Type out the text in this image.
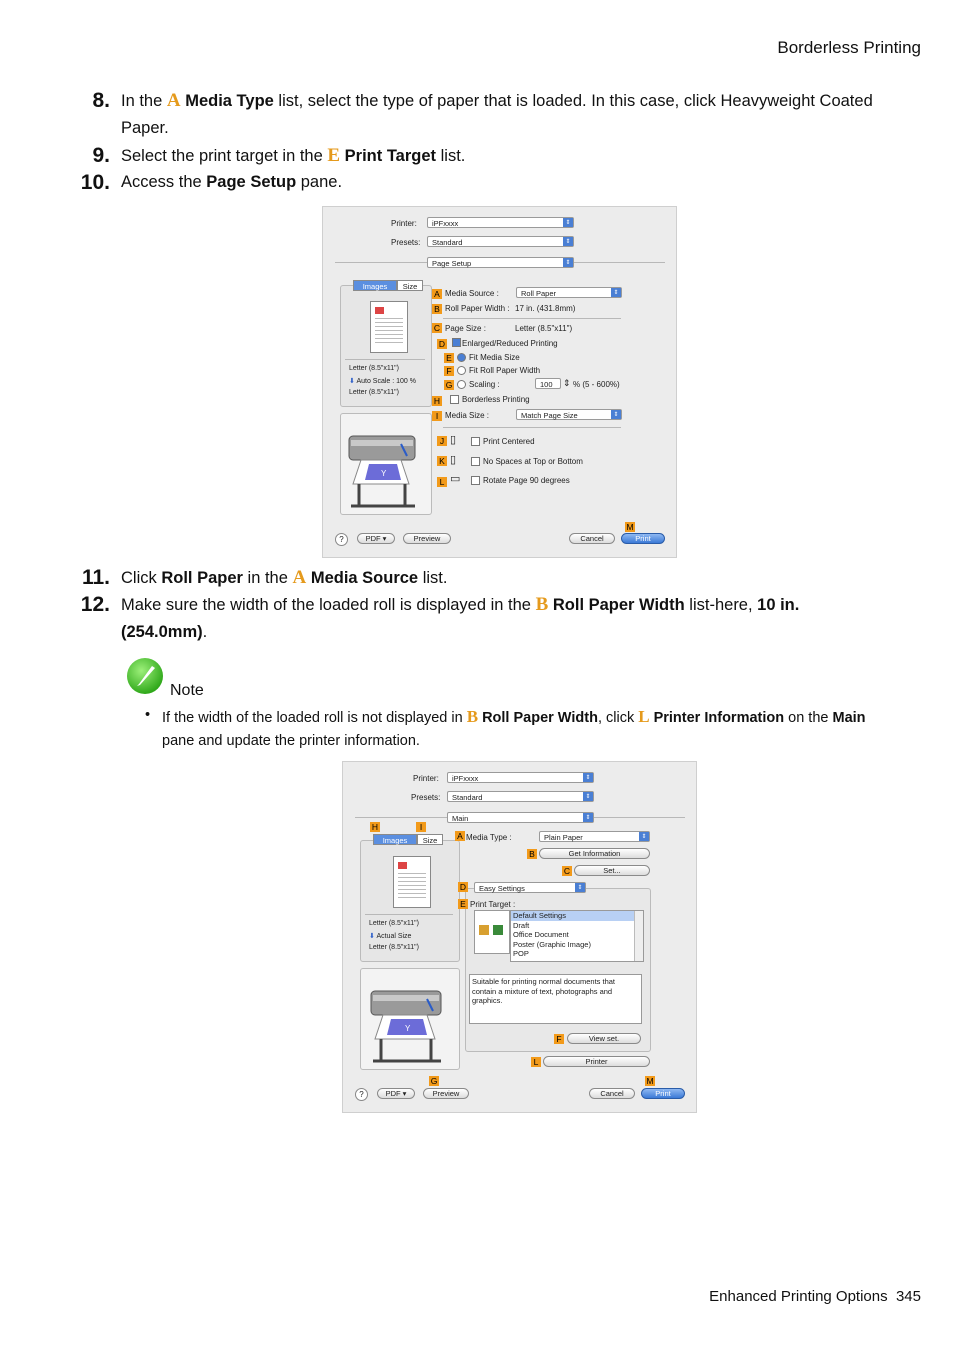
Borderless Printing
8. In the A Media Type list, select the type of paper that is loaded. In this case, click Heavyweight Coated Paper.
9. Select the print target in the E Print Target list.
10. Access the Page Setup pane.
Printer:	iPFxxxx	⇕
Presets:	Standard	⇕
Page Setup	⇕
Images	Size
Letter (8.5"x11")
⬇ Auto Scale : 100 %
Letter (8.5"x11")
Y
A Media Source :	Roll Paper	⇕
B Roll Paper Width : 17 in. (431.8mm)
C Page Size :	Letter (8.5"x11")
D Enlarged/Reduced Printing
E Fit Media Size
F	Fit Roll Paper Width
G Scaling :	100	⇕ % (5 - 600%)
H	Borderless Printing
I Media Size :	Match Page Size	⇕
J ▯	Print Centered
K ▯	No Spaces at Top or Bottom
L ▭	Rotate Page 90 degrees
?	PDF ▾	Preview	Cancel
M
Print
11. Click Roll Paper in the A Media Source list.
12. Make sure the width of the loaded roll is displayed in the B Roll Paper Width list-here, 10 in. (254.0mm).
Note
• If the width of the loaded roll is not displayed in B Roll Paper Width, click L Printer Information on the Main pane and update the printer information.
Printer:	iPFxxxx	⇕
Presets:	Standard	⇕
Main	⇕
H	I
Images	Size
Letter (8.5"x11")
⬇ Actual Size
Letter (8.5"x11")
Y
A Media Type :	Plain Paper	⇕
B	Get Information
C	Set...
D	Easy Settings	⇕
E Print Target :
Default Settings
Draft
Office Document
Poster (Graphic Image)
POP
Suitable for printing normal documents that contain a mixture of text, photographs and graphics.
F	View set.
L	Printer
G	M
?	PDF ▾	Preview	Cancel	Print
Enhanced Printing Options 345
